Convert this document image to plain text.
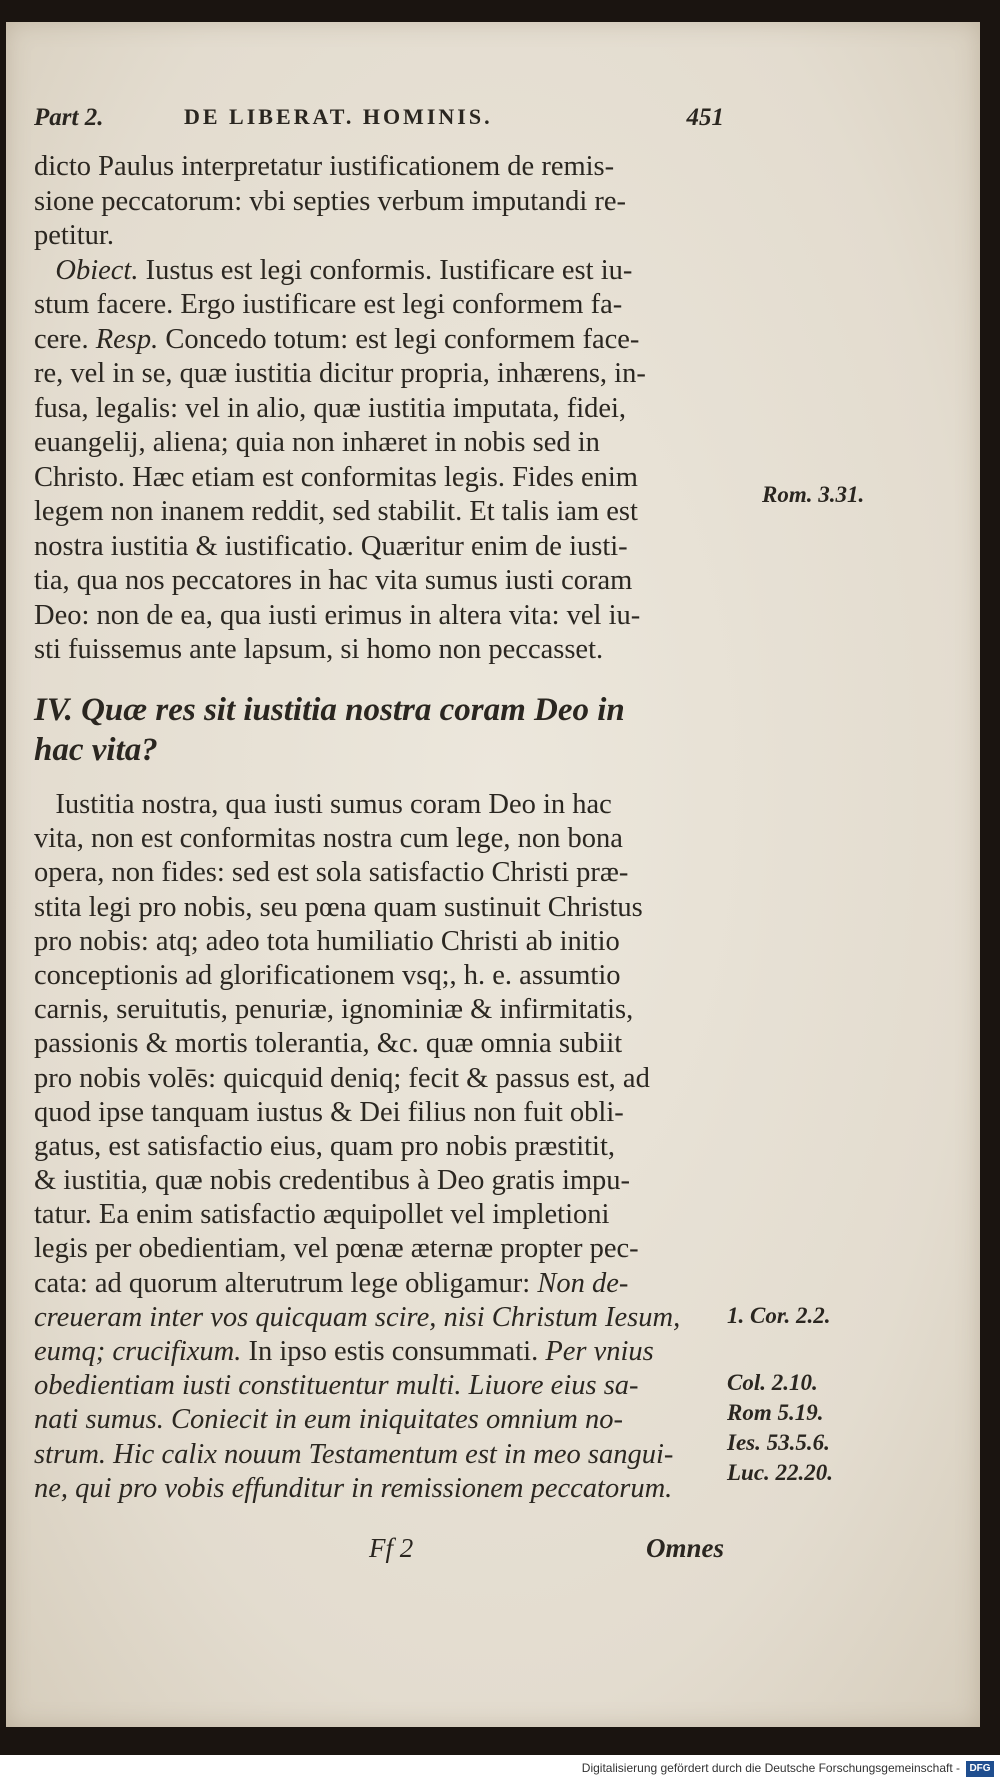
Part 2.	DE LIBERAT. HOMINIS.	451
dicto Paulus interpretatur iustificationem de remis-
sione peccatorum: vbi septies verbum imputandi re-
petitur.
Obiect. Iustus est legi conformis. Iustificare est iu-
stum facere. Ergo iustificare est legi conformem fa-
cere. Resp. Concedo totum: est legi conformem face-
re, vel in se, quæ iustitia dicitur propria, inhærens, in-
fusa, legalis: vel in alio, quæ iustitia imputata, fidei,
euangelij, aliena; quia non inhæret in nobis sed in
Christo. Hæc etiam est conformitas legis. Fides enim
legem non inanem reddit, sed stabilit. Et talis iam est
nostra iustitia & iustificatio. Quæritur enim de iusti-
tia, qua nos peccatores in hac vita sumus iusti coram
Deo: non de ea, qua iusti erimus in altera vita: vel iu-
sti fuissemus ante lapsum, si homo non peccasset.
IV. Quæ res sit iustitia nostra coram Deo in
hac vita?
Iustitia nostra, qua iusti sumus coram Deo in hac
vita, non est conformitas nostra cum lege, non bona
opera, non fides: sed est sola satisfactio Christi præ-
stita legi pro nobis, seu pœna quam sustinuit Christus
pro nobis: atq; adeo tota humiliatio Christi ab initio
conceptionis ad glorificationem vsq;, h. e. assumtio
carnis, seruitutis, penuriæ, ignominiæ & infirmitatis,
passionis & mortis tolerantia, &c. quæ omnia subiit
pro nobis volēs: quicquid deniq; fecit & passus est, ad
quod ipse tanquam iustus & Dei filius non fuit obli-
gatus, est satisfactio eius, quam pro nobis præstitit,
& iustitia, quæ nobis credentibus à Deo gratis impu-
tatur. Ea enim satisfactio æquipollet vel impletioni
legis per obedientiam, vel pœnæ æternæ propter pec-
cata: ad quorum alterutrum lege obligamur: Non de-
creueram inter vos quicquam scire, nisi Christum Iesum,
eumq; crucifixum. In ipso estis consummati. Per vnius
obedientiam iusti constituentur multi. Liuore eius sa-
nati sumus. Coniecit in eum iniquitates omnium no-
strum. Hic calix nouum Testamentum est in meo sangui-
ne, qui pro vobis effunditur in remissionem peccatorum.
Rom. 3.31.
1. Cor. 2.2.
Col. 2.10.
Rom 5.19.
Ies. 53.5.6.
Luc. 22.20.
Ff 2	Omnes
Digitalisierung gefördert durch die Deutsche Forschungsgemeinschaft - DFG
